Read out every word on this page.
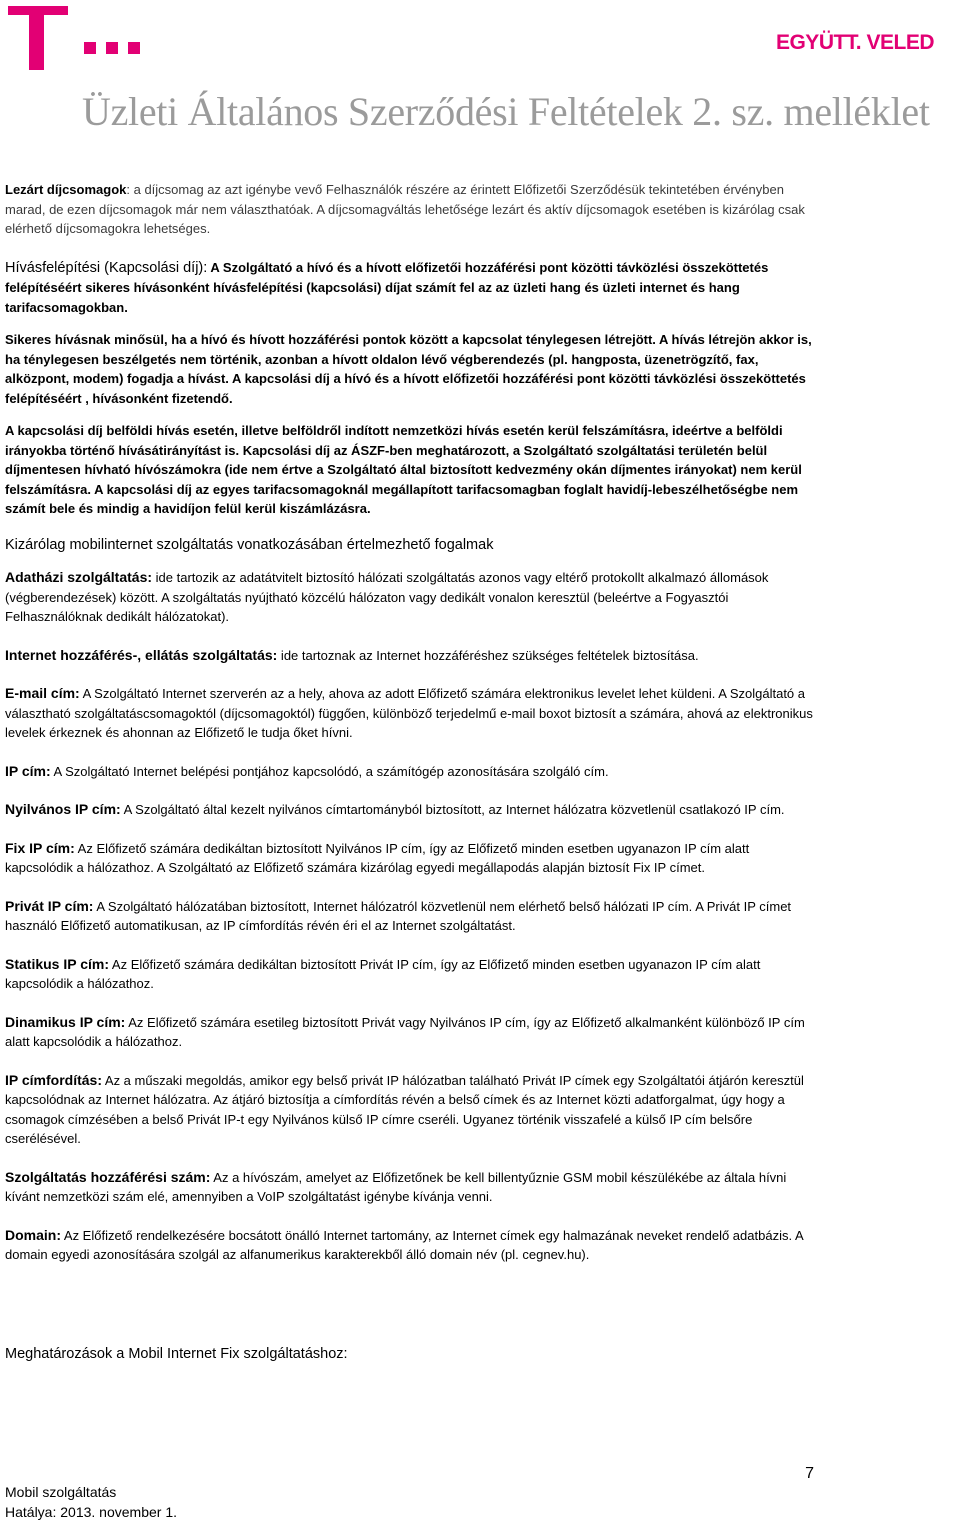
EGYÜTT. VELED
Üzleti Általános Szerződési Feltételek 2. sz. melléklet

Lezárt díjcsomagok: a díjcsomag az azt igénybe vevő Felhasználók részére az érintett Előfizetői Szerződésük tekintetében érvényben marad, de ezen díjcsomagok már nem választhatóak. A díjcsomagváltás lehetősége lezárt és aktív díjcsomagok esetében is kizárólag csak elérhető díjcsomagokra lehetséges.

Hívásfelépítési (Kapcsolási díj): A Szolgáltató a hívó és a hívott előfizetői hozzáférési pont közötti távközlési összeköttetés felépítéséért sikeres hívásonként hívásfelépítési (kapcsolási) díjat számít fel az az üzleti hang és üzleti internet és hang tarifacsomagokban.

Sikeres hívásnak minősül, ha a hívó és hívott hozzáférési pontok között a kapcsolat ténylegesen létrejött. A hívás létrejön akkor is, ha ténylegesen beszélgetés nem történik, azonban a hívott oldalon lévő végberendezés (pl. hangposta, üzenetrögzítő, fax, alközpont, modem) fogadja a hívást. A kapcsolási díj a hívó és a hívott előfizetői hozzáférési pont közötti távközlési összeköttetés felépítéséért , hívásonként fizetendő.

A kapcsolási díj belföldi hívás esetén, illetve belföldről indított nemzetközi hívás esetén kerül felszámításra, ideértve a belföldi irányokba történő hívásátirányítást is. Kapcsolási díj az ÁSZF-ben meghatározott, a Szolgáltató szolgáltatási területén belül díjmentesen hívható hívószámokra (ide nem értve a Szolgáltató által biztosított kedvezmény okán díjmentes irányokat) nem kerül felszámításra. A kapcsolási díj az egyes tarifacsomagoknál megállapított tarifacsomagban foglalt havidíj-lebeszélhetőségbe nem számít bele és mindig a havidíjon felül kerül kiszámlázásra.

Kizárólag mobilinternet szolgáltatás vonatkozásában értelmezhető fogalmak

Adatházi szolgáltatás: ide tartozik az adatátvitelt biztosító hálózati szolgáltatás azonos vagy eltérő protokollt alkalmazó állomások (végberendezések) között. A szolgáltatás nyújtható közcélú hálózaton vagy dedikált vonalon keresztül (beleértve a Fogyasztói Felhasználóknak dedikált hálózatokat).

Internet hozzáférés-, ellátás szolgáltatás: ide tartoznak az Internet hozzáféréshez szükséges feltételek biztosítása.

E-mail cím: A Szolgáltató Internet szerverén az a hely, ahova az adott Előfizető számára elektronikus levelet lehet küldeni. A Szolgáltató a választható szolgáltatáscsomagoktól (díjcsomagoktól) függően, különböző terjedelmű e-mail boxot biztosít a számára, ahová az elektronikus levelek érkeznek és ahonnan az Előfizető le tudja őket hívni.

IP cím: A Szolgáltató Internet belépési pontjához kapcsolódó, a számítógép azonosítására szolgáló cím.

Nyilvános IP cím: A Szolgáltató által kezelt nyilvános címtartományból biztosított, az Internet hálózatra közvetlenül csatlakozó IP cím.

Fix IP cím: Az Előfizető számára dedikáltan biztosított Nyilvános IP cím, így az Előfizető minden esetben ugyanazon IP cím alatt kapcsolódik a hálózathoz. A Szolgáltató az Előfizető számára kizárólag egyedi megállapodás alapján biztosít Fix IP címet.

Privát IP cím: A Szolgáltató hálózatában biztosított, Internet hálózatról közvetlenül nem elérhető belső hálózati IP cím. A Privát IP címet használó Előfizető automatikusan, az IP címfordítás révén éri el az Internet szolgáltatást.

Statikus IP cím: Az Előfizető számára dedikáltan biztosított Privát IP cím, így az Előfizető minden esetben ugyanazon IP cím alatt kapcsolódik a hálózathoz.

Dinamikus IP cím: Az Előfizető számára esetileg biztosított Privát vagy Nyilvános IP cím, így az Előfizető alkalmanként különböző IP cím alatt kapcsolódik a hálózathoz.

IP címfordítás: Az a műszaki megoldás, amikor egy belső privát IP hálózatban található Privát IP címek egy Szolgáltatói átjárón keresztül kapcsolódnak az Internet hálózatra. Az átjáró biztosítja a címfordítás révén a belső címek és az Internet közti adatforgalmat, úgy hogy a csomagok címzésében a belső Privát IP-t egy Nyilvános külső IP címre cseréli. Ugyanez történik visszafelé a külső IP cím belsőre cserélésével.

Szolgáltatás hozzáférési szám: Az a hívószám, amelyet az Előfizetőnek be kell billentyűznie GSM mobil készülékébe az általa hívni kívánt nemzetközi szám elé, amennyiben a VoIP szolgáltatást igénybe kívánja venni.

Domain: Az Előfizető rendelkezésére bocsátott önálló Internet tartomány, az Internet címek egy halmazának neveket rendelő adatbázis. A domain egyedi azonosítására szolgál az alfanumerikus karakterekből álló domain név (pl. cegnev.hu).

Meghatározások a Mobil Internet Fix szolgáltatáshoz:
Mobil szolgáltatás
Hatálya: 2013. november 1.
7
